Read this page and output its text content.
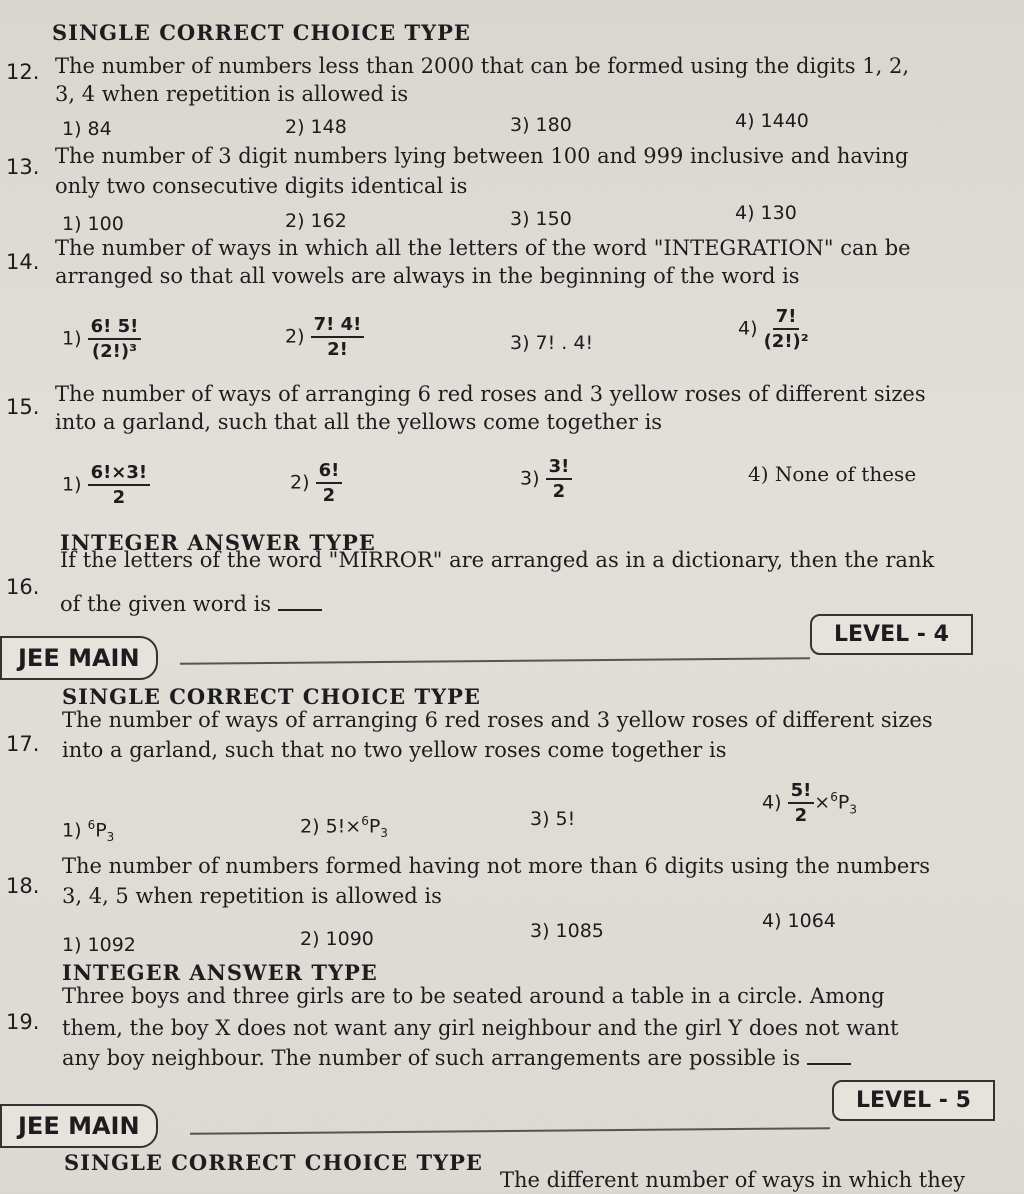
SINGLE CORRECT CHOICE TYPE
12. The number of numbers less than 2000 that can be formed using the digits 1, 2,
3, 4 when repetition is allowed is
1) 84	2) 148	3) 180	4) 1440
13. The number of 3 digit numbers lying between 100 and 999 inclusive and having
only two consecutive digits identical is
1) 100	2) 162	3) 150	4) 130
14.
The number of ways in which all the letters of the word "INTEGRATION" can be
arranged so that all vowels are always in the beginning of the word is
$1) \frac{6! 5!}{\text{(2!)³}}$	$2) \frac{7! 4!}{2!}$	3) 7! . 4!
$4) \frac{7!}{\text{(2!)²}}$
15.
The number of ways of arranging 6 red roses and 3 yellow roses of different sizes
into a garland, such that all the yellows come together is
$1) \frac{6!\times 3!}{2}$	$2) \frac{6!}{2}$	$3) \frac{3!}{2}$	4) None of these
INTEGER ANSWER TYPE
16.
If the letters of the word "MIRROR" are arranged as in a dictionary, then the rank
of the given word is
JEE MAIN
LEVEL - 4
SINGLE CORRECT CHOICE TYPE
17.
The number of ways of arranging 6 red roses and 3 yellow roses of different sizes
into a garland, such that no two yellow roses come together is
1) $^6P_3$	2) $5!\times^6P_3$
3) 5!
$4) \frac{5!}{2} \times^6P_3$
18.
The number of numbers formed having not more than 6 digits using the numbers
3, 4, 5 when repetition is allowed is
1) 1092	2) 1090	3) 1085	4) 1064
INTEGER ANSWER TYPE
19.
Three boys and three girls are to be seated around a table in a circle. Among
them, the boy X does not want any girl neighbour and the girl Y does not want
any boy neighbour. The number of such arrangements are possible is
JEE MAIN
LEVEL - 5
SINGLE CORRECT CHOICE TYPE
The different number of ways in which they
